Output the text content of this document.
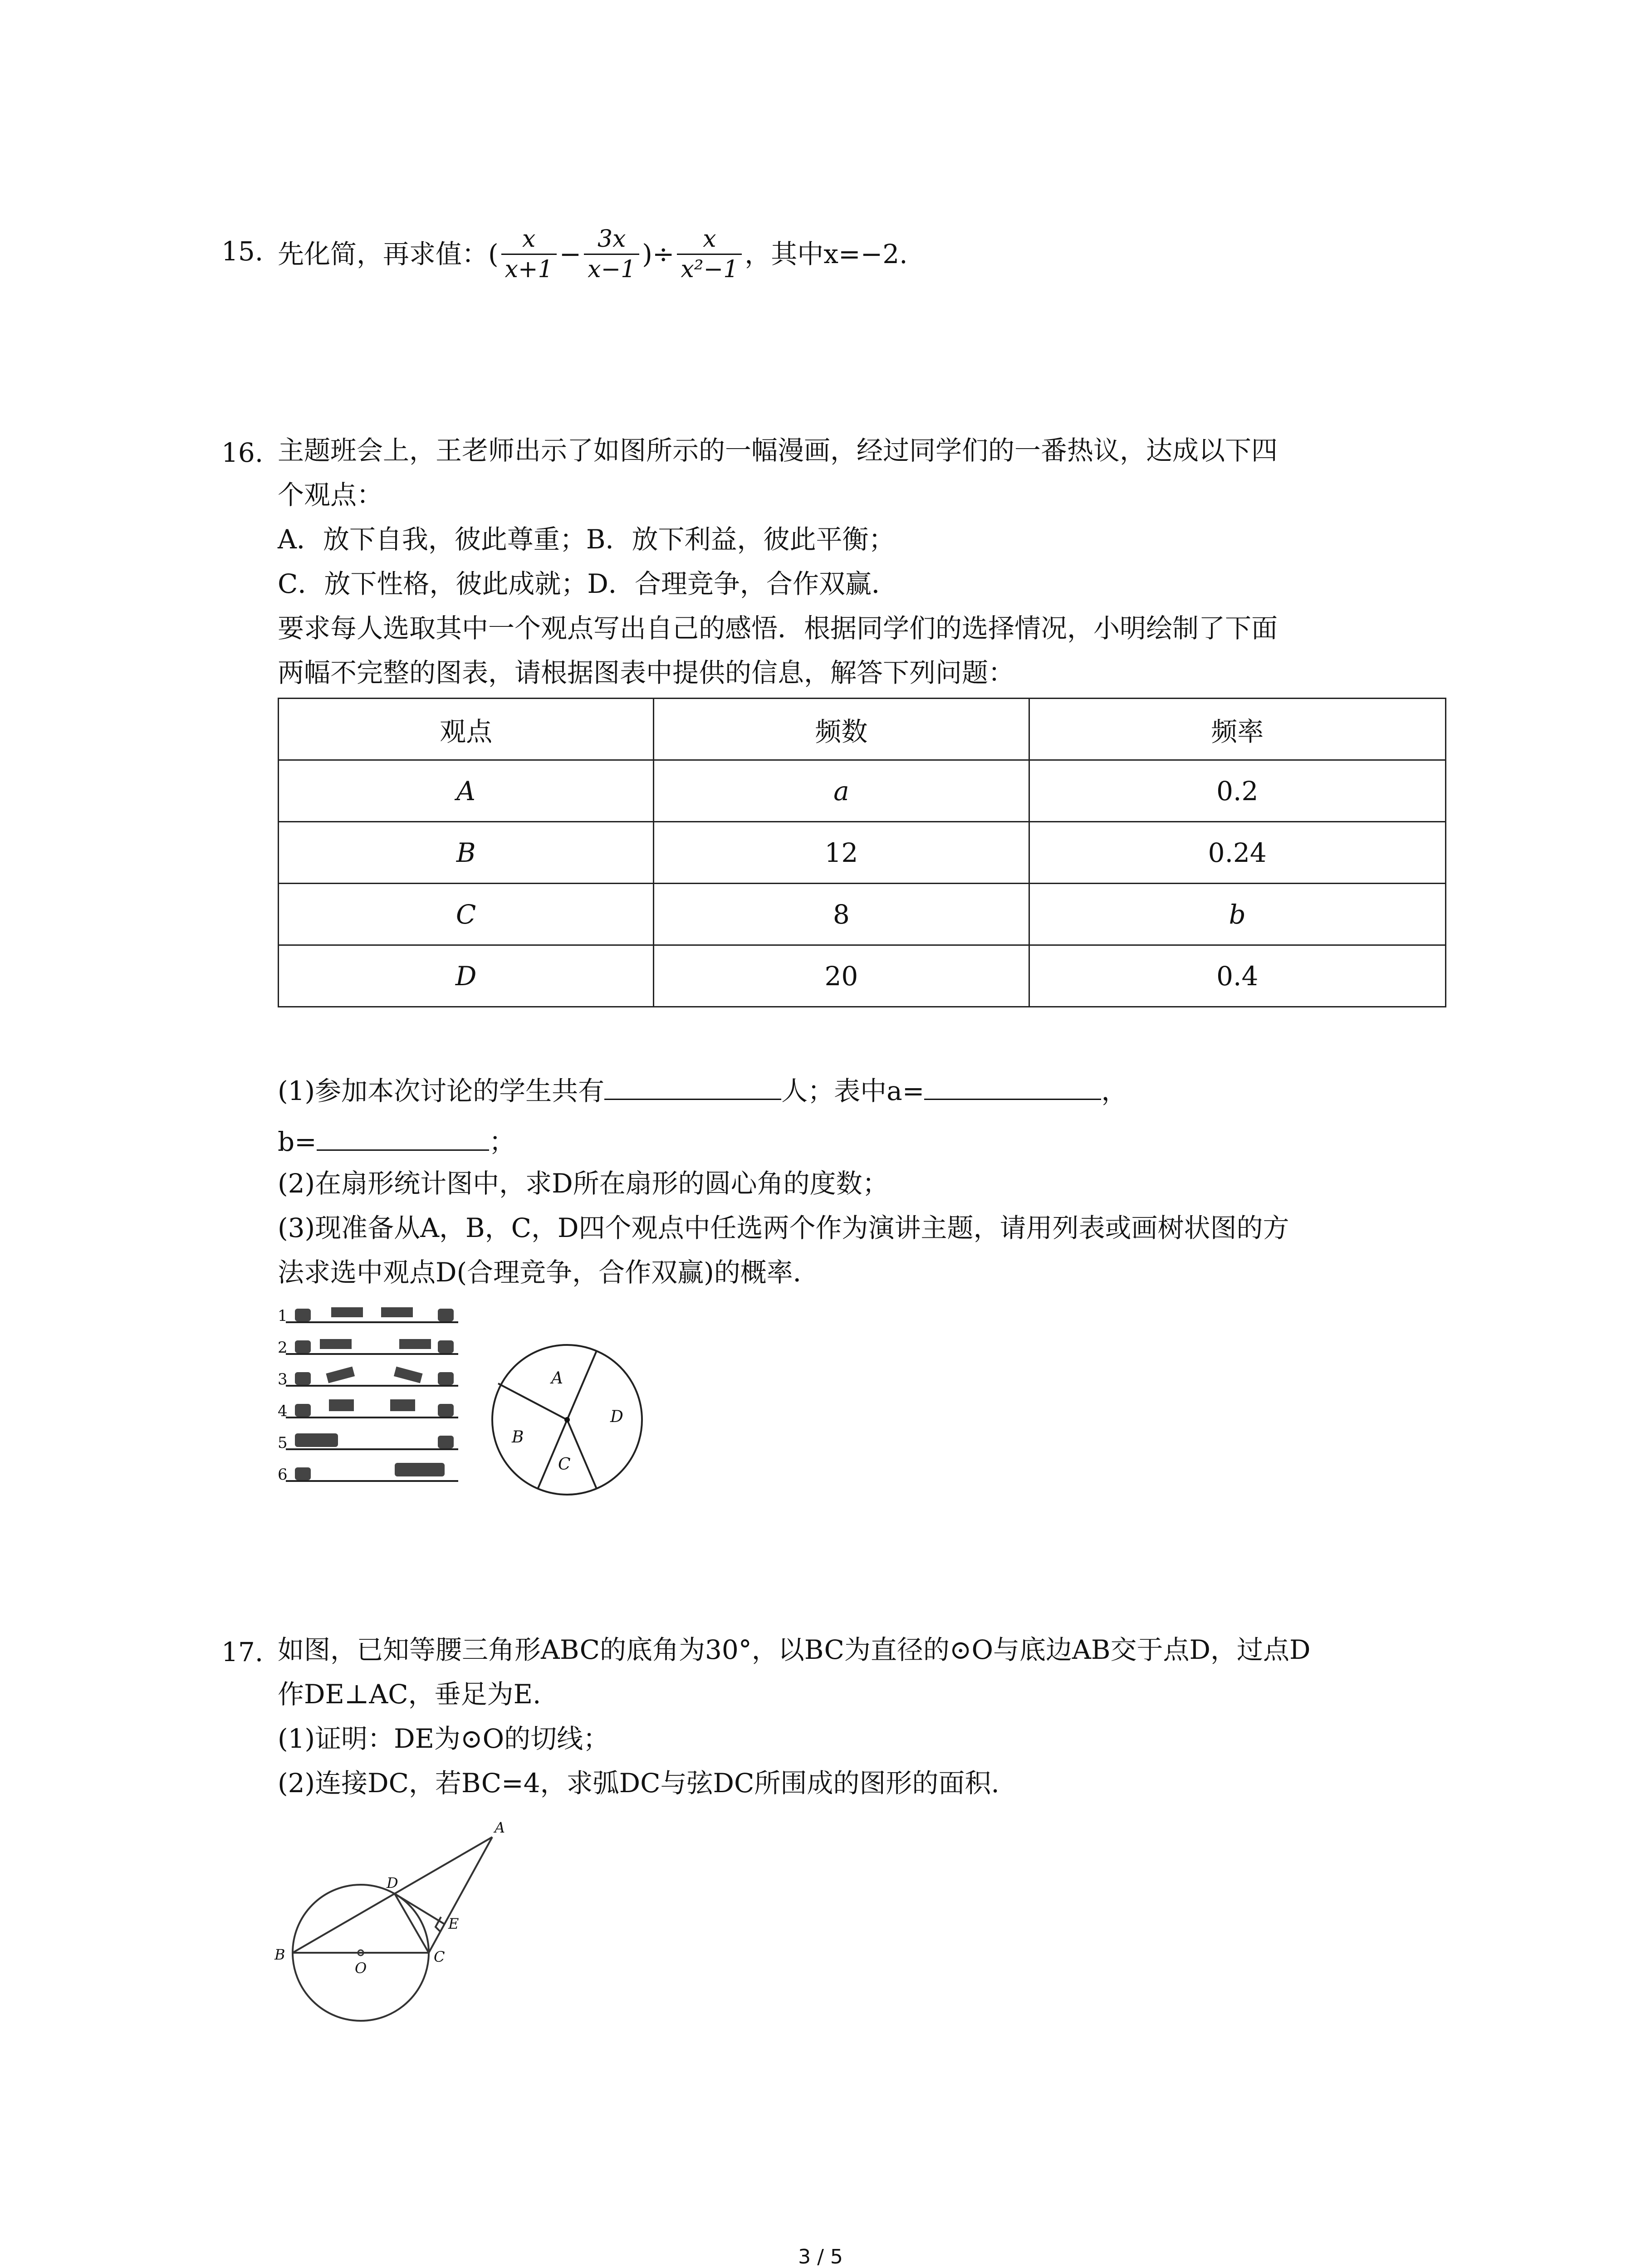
15. 先化简，再求值： ( $\frac{x}{x+1} - \frac{3x}{x-1}$ )÷ $\frac{x}{\text{x²−1}}$ ，其中x=−2.
16. 主题班会上，王老师出示了如图所示的一幅漫画，经过同学们的一番热议，达成以下四
个观点：
A．放下自我，彼此尊重；B．放下利益，彼此平衡；
C．放下性格，彼此成就；D．合理竞争，合作双赢．
要求每人选取其中一个观点写出自己的感悟．根据同学们的选择情况，小明绘制了下面
两幅不完整的图表，请根据图表中提供的信息，解答下列问题：
观点	频数	频率
A	a	0.2
B	12	0.24
C	8	b
D	20	0.4
(1)参加本次讨论的学生共有	人；表中a=	，
b=	；
(2)在扇形统计图中，求D所在扇形的圆心角的度数；
(3)现准备从A，B，C，D四个观点中任选两个作为演讲主题，请用列表或画树状图的方
法求选中观点D(合理竞争，合作双赢)的概率．
1
2
3
4
5
6
A
B
C
D
17. 如图，已知等腰三角形ABC的底角为30°，以BC为直径的⊙O与底边AB交于点D，过点D
作DE⊥AC，垂足为E.
(1)证明：DE为⊙O的切线；
(2)连接DC，若BC=4，求弧DC与弦DC所围成的图形的面积.
A
D
E
B
O
C
3 / 5
